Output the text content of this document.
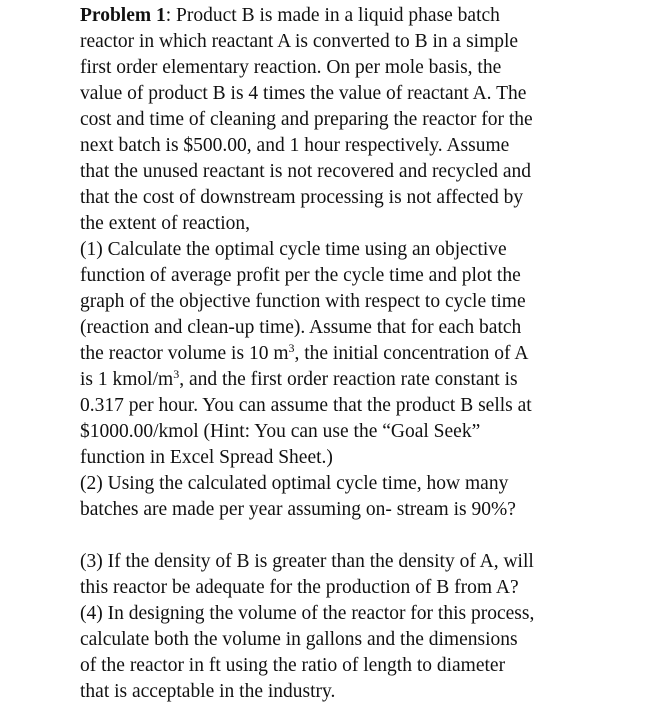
Problem 1: Product B is made in a liquid phase batch
reactor in which reactant A is converted to B in a simple
first order elementary reaction. On per mole basis, the
value of product B is 4 times the value of reactant A. The
cost and time of cleaning and preparing the reactor for the
next batch is $500.00, and 1 hour respectively. Assume
that the unused reactant is not recovered and recycled and
that the cost of downstream processing is not affected by
the extent of reaction,
(1) Calculate the optimal cycle time using an objective
function of average profit per the cycle time and plot the
graph of the objective function with respect to cycle time
(reaction and clean-up time). Assume that for each batch
the reactor volume is 10 $m^3$, the initial concentration of A
is 1 kmol/$m^3$, and the first order reaction rate constant is
0.317 per hour. You can assume that the product B sells at
$1000.00/kmol (Hint: You can use the “Goal Seek”
function in Excel Spread Sheet.)
(2) Using the calculated optimal cycle time, how many
batches are made per year assuming on- stream is 90%?
(3) If the density of B is greater than the density of A, will
this reactor be adequate for the production of B from A?
(4) In designing the volume of the reactor for this process,
calculate both the volume in gallons and the dimensions
of the reactor in ft using the ratio of length to diameter
that is acceptable in the industry.
